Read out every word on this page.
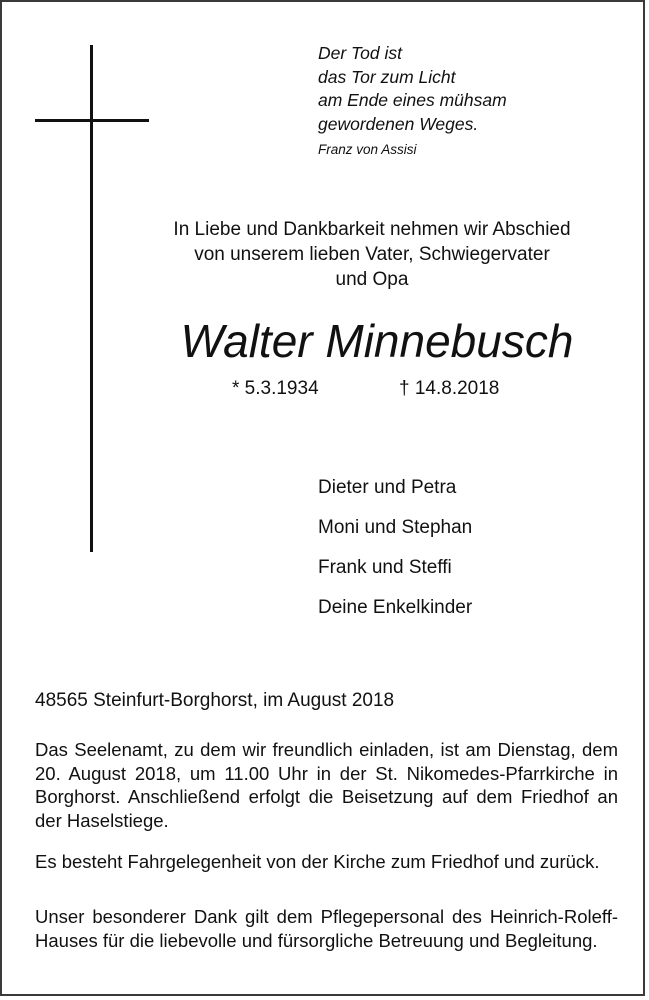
Der Tod ist
das Tor zum Licht
am Ende eines mühsam
gewordenen Weges.
Franz von Assisi
In Liebe und Dankbarkeit nehmen wir Abschied
von unserem lieben Vater, Schwiegervater
und Opa
Walter Minnebusch
* 5.3.1934	† 14.8.2018
Dieter und Petra
Moni und Stephan
Frank und Steffi
Deine Enkelkinder
48565 Steinfurt-Borghorst, im August 2018
Das Seelenamt, zu dem wir freundlich einladen, ist am Dienstag, dem 20. August 2018, um 11.00 Uhr in der St. Nikomedes-Pfarrkirche in Borghorst. Anschließend erfolgt die Beisetzung auf dem Friedhof an der Haselstiege.
Es besteht Fahrgelegenheit von der Kirche zum Friedhof und zurück.
Unser besonderer Dank gilt dem Pflegepersonal des Heinrich-Roleff-Hauses für die liebevolle und fürsorgliche Betreuung und Begleitung.
